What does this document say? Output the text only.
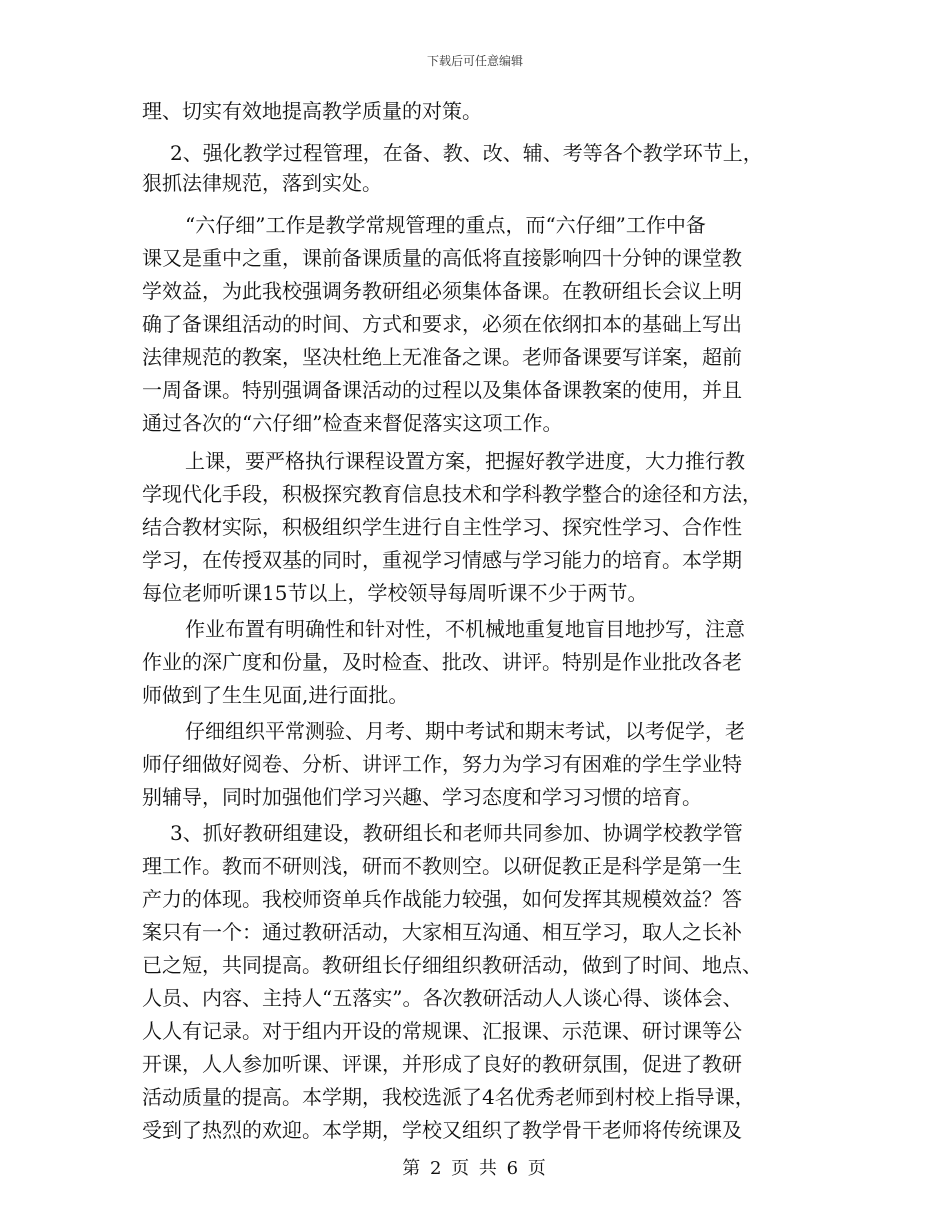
下载后可任意编辑
理、切实有效地提高教学质量的对策。
2、强化教学过程管理，在备、教、改、辅、考等各个教学环节上，
狠抓法律规范，落到实处。
“六仔细”工作是教学常规管理的重点，而“六仔细”工作中备
课又是重中之重，课前备课质量的高低将直接影响四十分钟的课堂教
学效益，为此我校强调务教研组必须集体备课。在教研组长会议上明
确了备课组活动的时间、方式和要求，必须在依纲扣本的基础上写出
法律规范的教案，坚决杜绝上无准备之课。老师备课要写详案，超前
一周备课。特别强调备课活动的过程以及集体备课教案的使用，并且
通过各次的“六仔细”检查来督促落实这项工作。
上课，要严格执行课程设置方案，把握好教学进度，大力推行教
学现代化手段，积极探究教育信息技术和学科教学整合的途径和方法，
结合教材实际，积极组织学生进行自主性学习、探究性学习、合作性
学习，在传授双基的同时，重视学习情感与学习能力的培育。本学期
每位老师听课15节以上，学校领导每周听课不少于两节。
作业布置有明确性和针对性，不机械地重复地盲目地抄写，注意
作业的深广度和份量，及时检查、批改、讲评。特别是作业批改各老
师做到了生生见面,进行面批。
仔细组织平常测验、月考、期中考试和期末考试，以考促学，老
师仔细做好阅卷、分析、讲评工作，努力为学习有困难的学生学业特
别辅导，同时加强他们学习兴趣、学习态度和学习习惯的培育。
3、抓好教研组建设，教研组长和老师共同参加、协调学校教学管
理工作。教而不研则浅，研而不教则空。以研促教正是科学是第一生
产力的体现。我校师资单兵作战能力较强，如何发挥其规模效益？答
案只有一个：通过教研活动，大家相互沟通、相互学习，取人之长补
已之短，共同提高。教研组长仔细组织教研活动，做到了时间、地点、
人员、内容、主持人“五落实”。各次教研活动人人谈心得、谈体会、
人人有记录。对于组内开设的常规课、汇报课、示范课、研讨课等公
开课，人人参加听课、评课，并形成了良好的教研氛围，促进了教研
活动质量的提高。本学期，我校选派了4名优秀老师到村校上指导课，
受到了热烈的欢迎。本学期，学校又组织了教学骨干老师将传统课及
第 2 页 共 6 页
